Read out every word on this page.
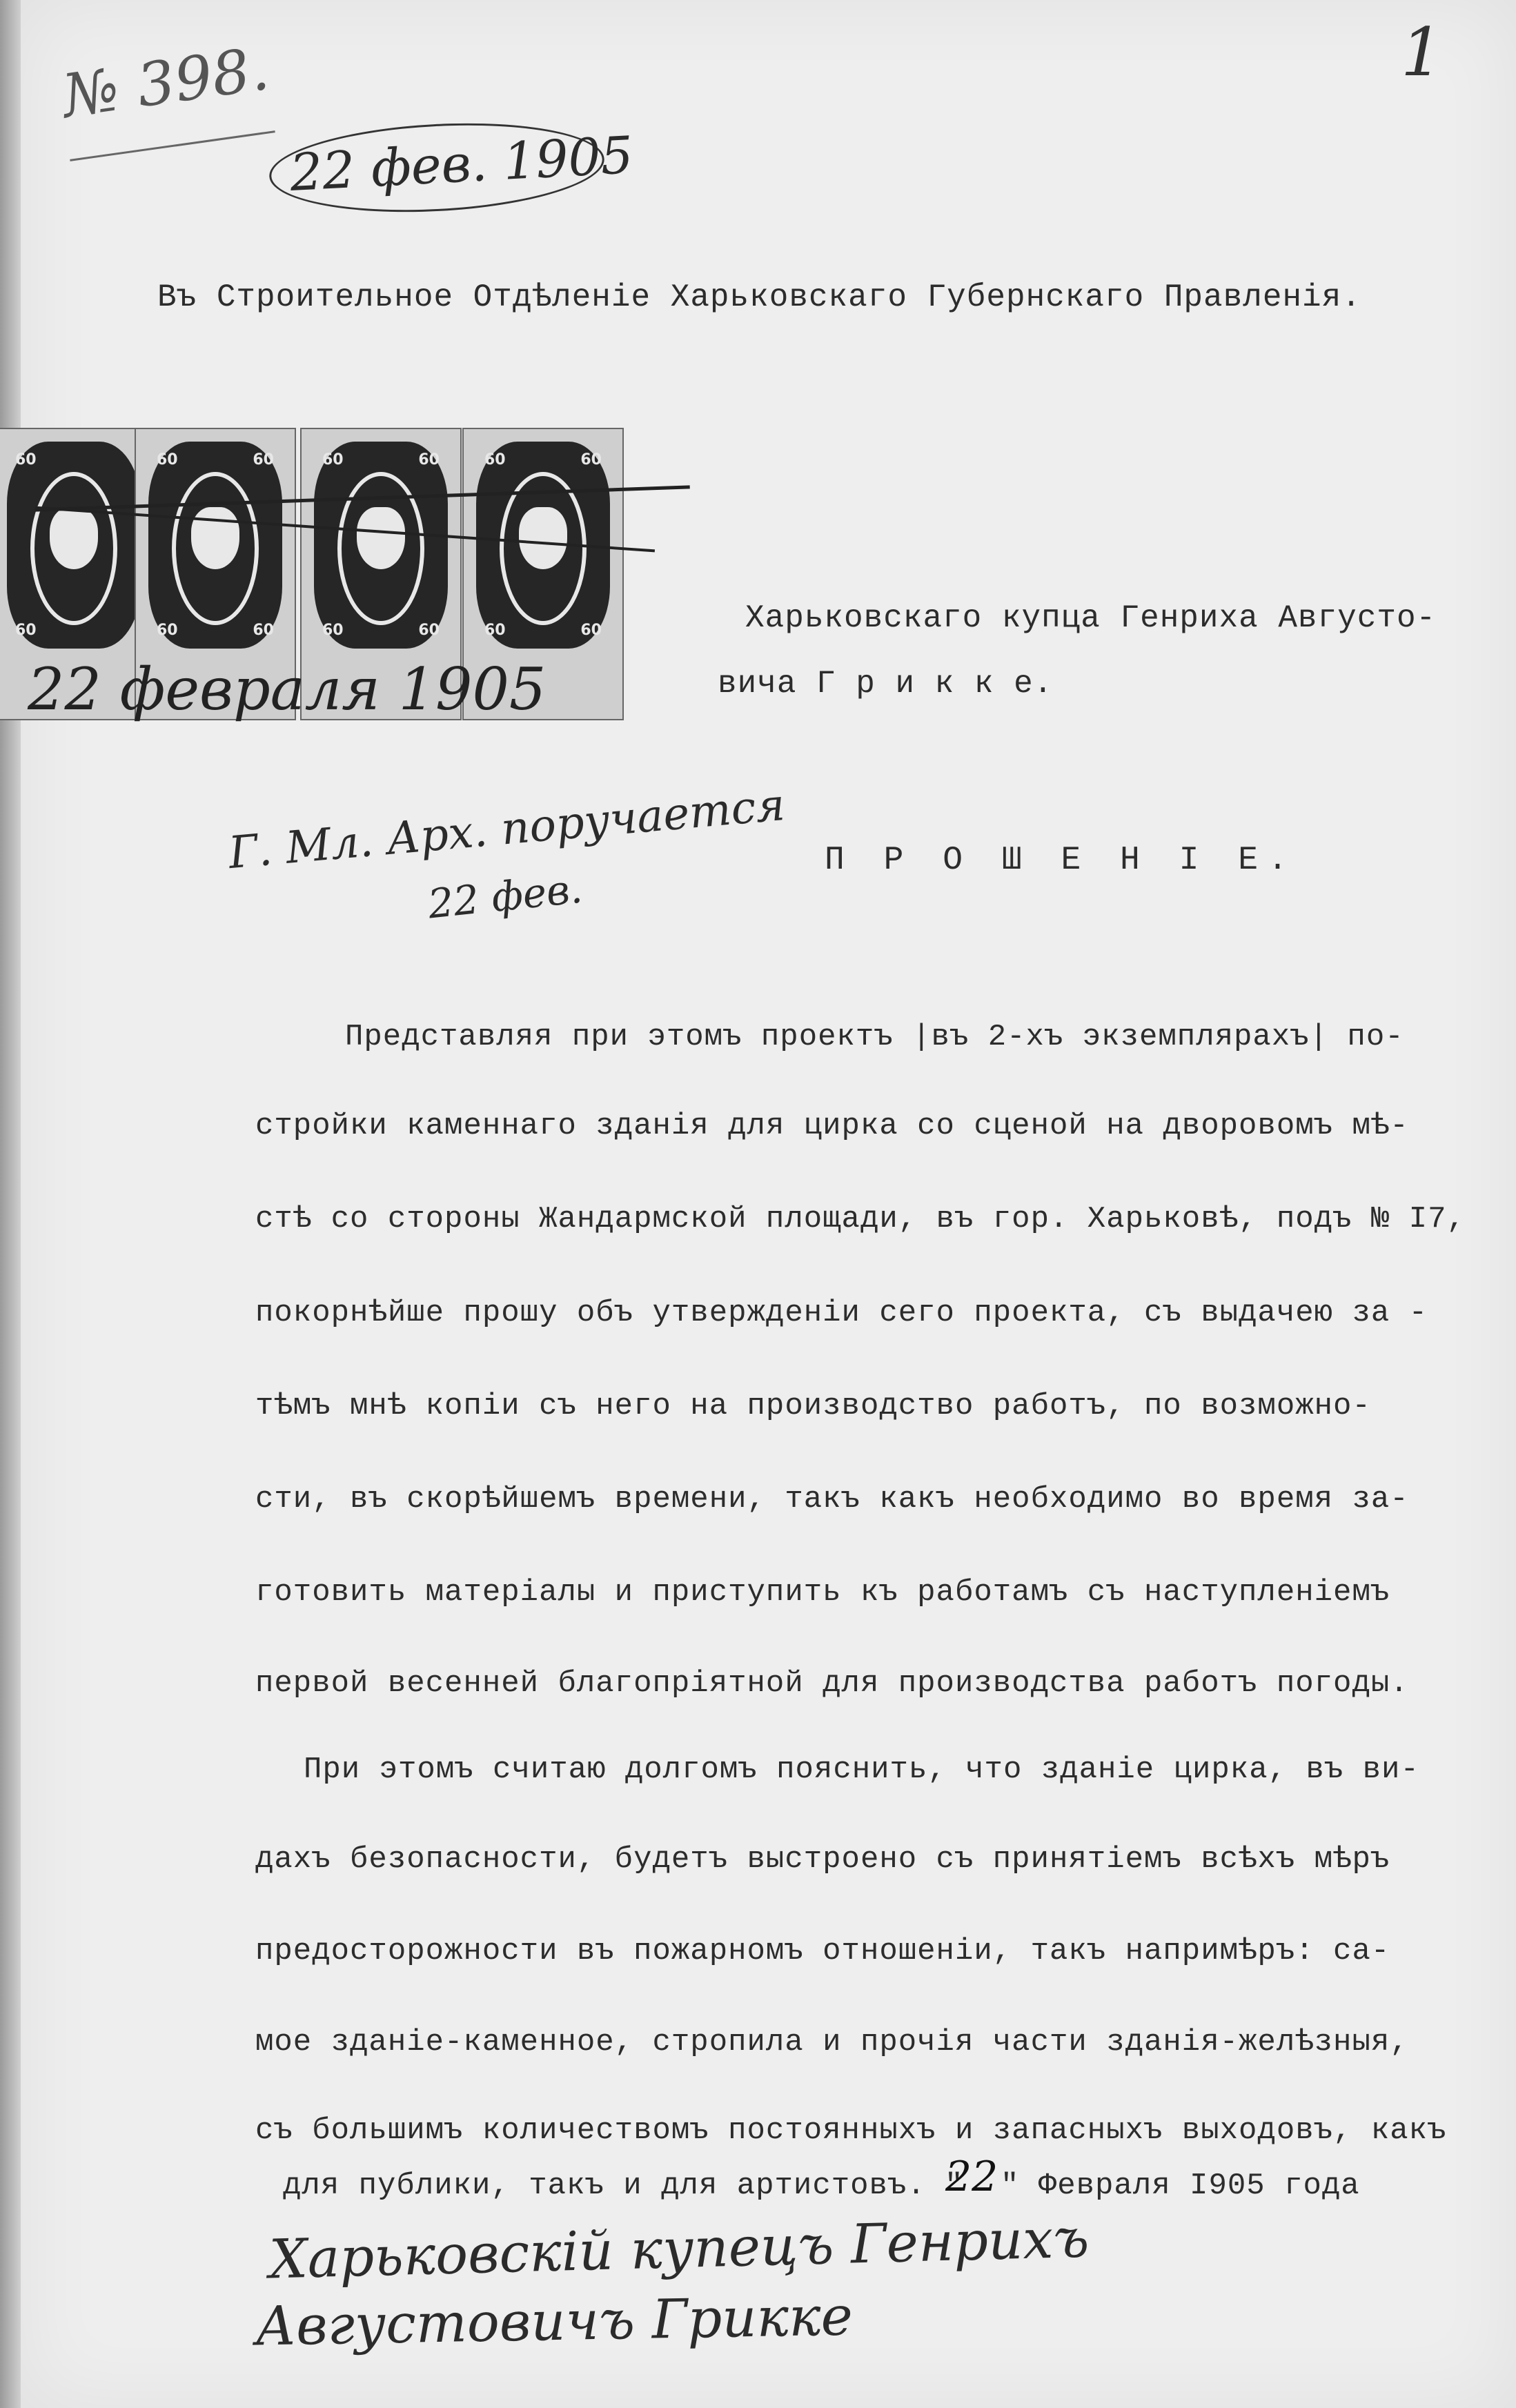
№ 398.	1
22 фев. 1905
Въ Строительное Отдѣленіе Харьковскаго Губернскаго Правленія.
60
60
60	60
60	60
60	60
60	60
60	60
60	60
22 февраля 1905
Харьковскаго купца Генриха Августо-
вича Г р и к к е.
Г. Мл. Арх. поручается
22 фев.
П Р О Ш Е Н І Е.
Представляя при этомъ проектъ |въ 2-хъ экземплярахъ| по-
стройки каменнаго зданія для цирка со сценой на дворовомъ мѣ-
стѣ со стороны Жандармской площади, въ гор. Харьковѣ, подъ № I7,
покорнѣйше прошу объ утвержденіи сего проекта, съ выдачею за -
тѣмъ мнѣ копіи съ него на производство работъ, по возможно-
сти, въ скорѣйшемъ времени, такъ какъ необходимо во время за-
готовить матеріалы и приступить къ работамъ съ наступленіемъ
первой весенней благопріятной для производства работъ погоды.
При этомъ считаю долгомъ пояснить, что зданіе цирка, въ ви-
дахъ безопасности, будетъ выстроено съ принятіемъ всѣхъ мѣръ
предосторожности въ пожарномъ отношеніи, такъ напримѣръ: са-
мое зданіе-каменное, стропила и прочія части зданія-желѣзныя,
съ большимъ количествомъ постоянныхъ и запасныхъ выходовъ, какъ
для публики, такъ и для артистовъ. "
22 " Февраля I905 года
Харьковскій купецъ Генрихъ
Августовичъ Грикке
